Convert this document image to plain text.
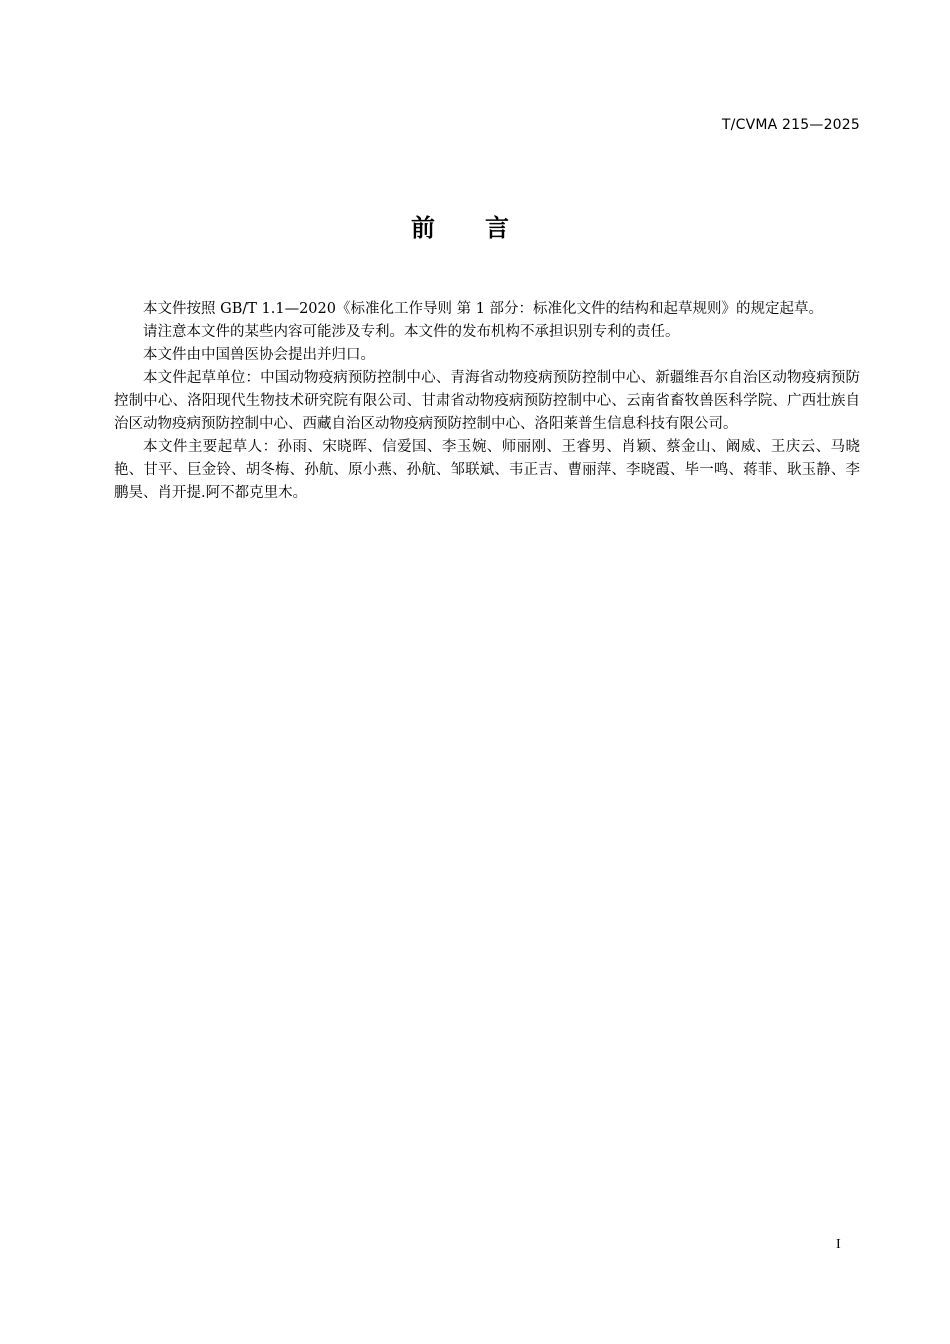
T/CVMA 215—2025
前言

本文件按照 GB/T 1.1—2020《标准化工作导则 第 1 部分：标准化文件的结构和起草规则》的规定起草。

请注意本文件的某些内容可能涉及专利。本文件的发布机构不承担识别专利的责任。

本文件由中国兽医协会提出并归口。

本文件起草单位：中国动物疫病预防控制中心、青海省动物疫病预防控制中心、新疆维吾尔自治区动物疫病预防控制中心、洛阳现代生物技术研究院有限公司、甘肃省动物疫病预防控制中心、云南省畜牧兽医科学院、广西壮族自治区动物疫病预防控制中心、西藏自治区动物疫病预防控制中心、洛阳莱普生信息科技有限公司。

本文件主要起草人：孙雨、宋晓晖、信爱国、李玉婉、师丽刚、王睿男、肖颖、蔡金山、阚威、王庆云、马晓艳、甘平、巨金铃、胡冬梅、孙航、原小燕、孙航、邹联斌、韦正吉、曹丽萍、李晓霞、毕一鸣、蒋菲、耿玉静、李鹏昊、肖开提.阿不都克里木。

I
